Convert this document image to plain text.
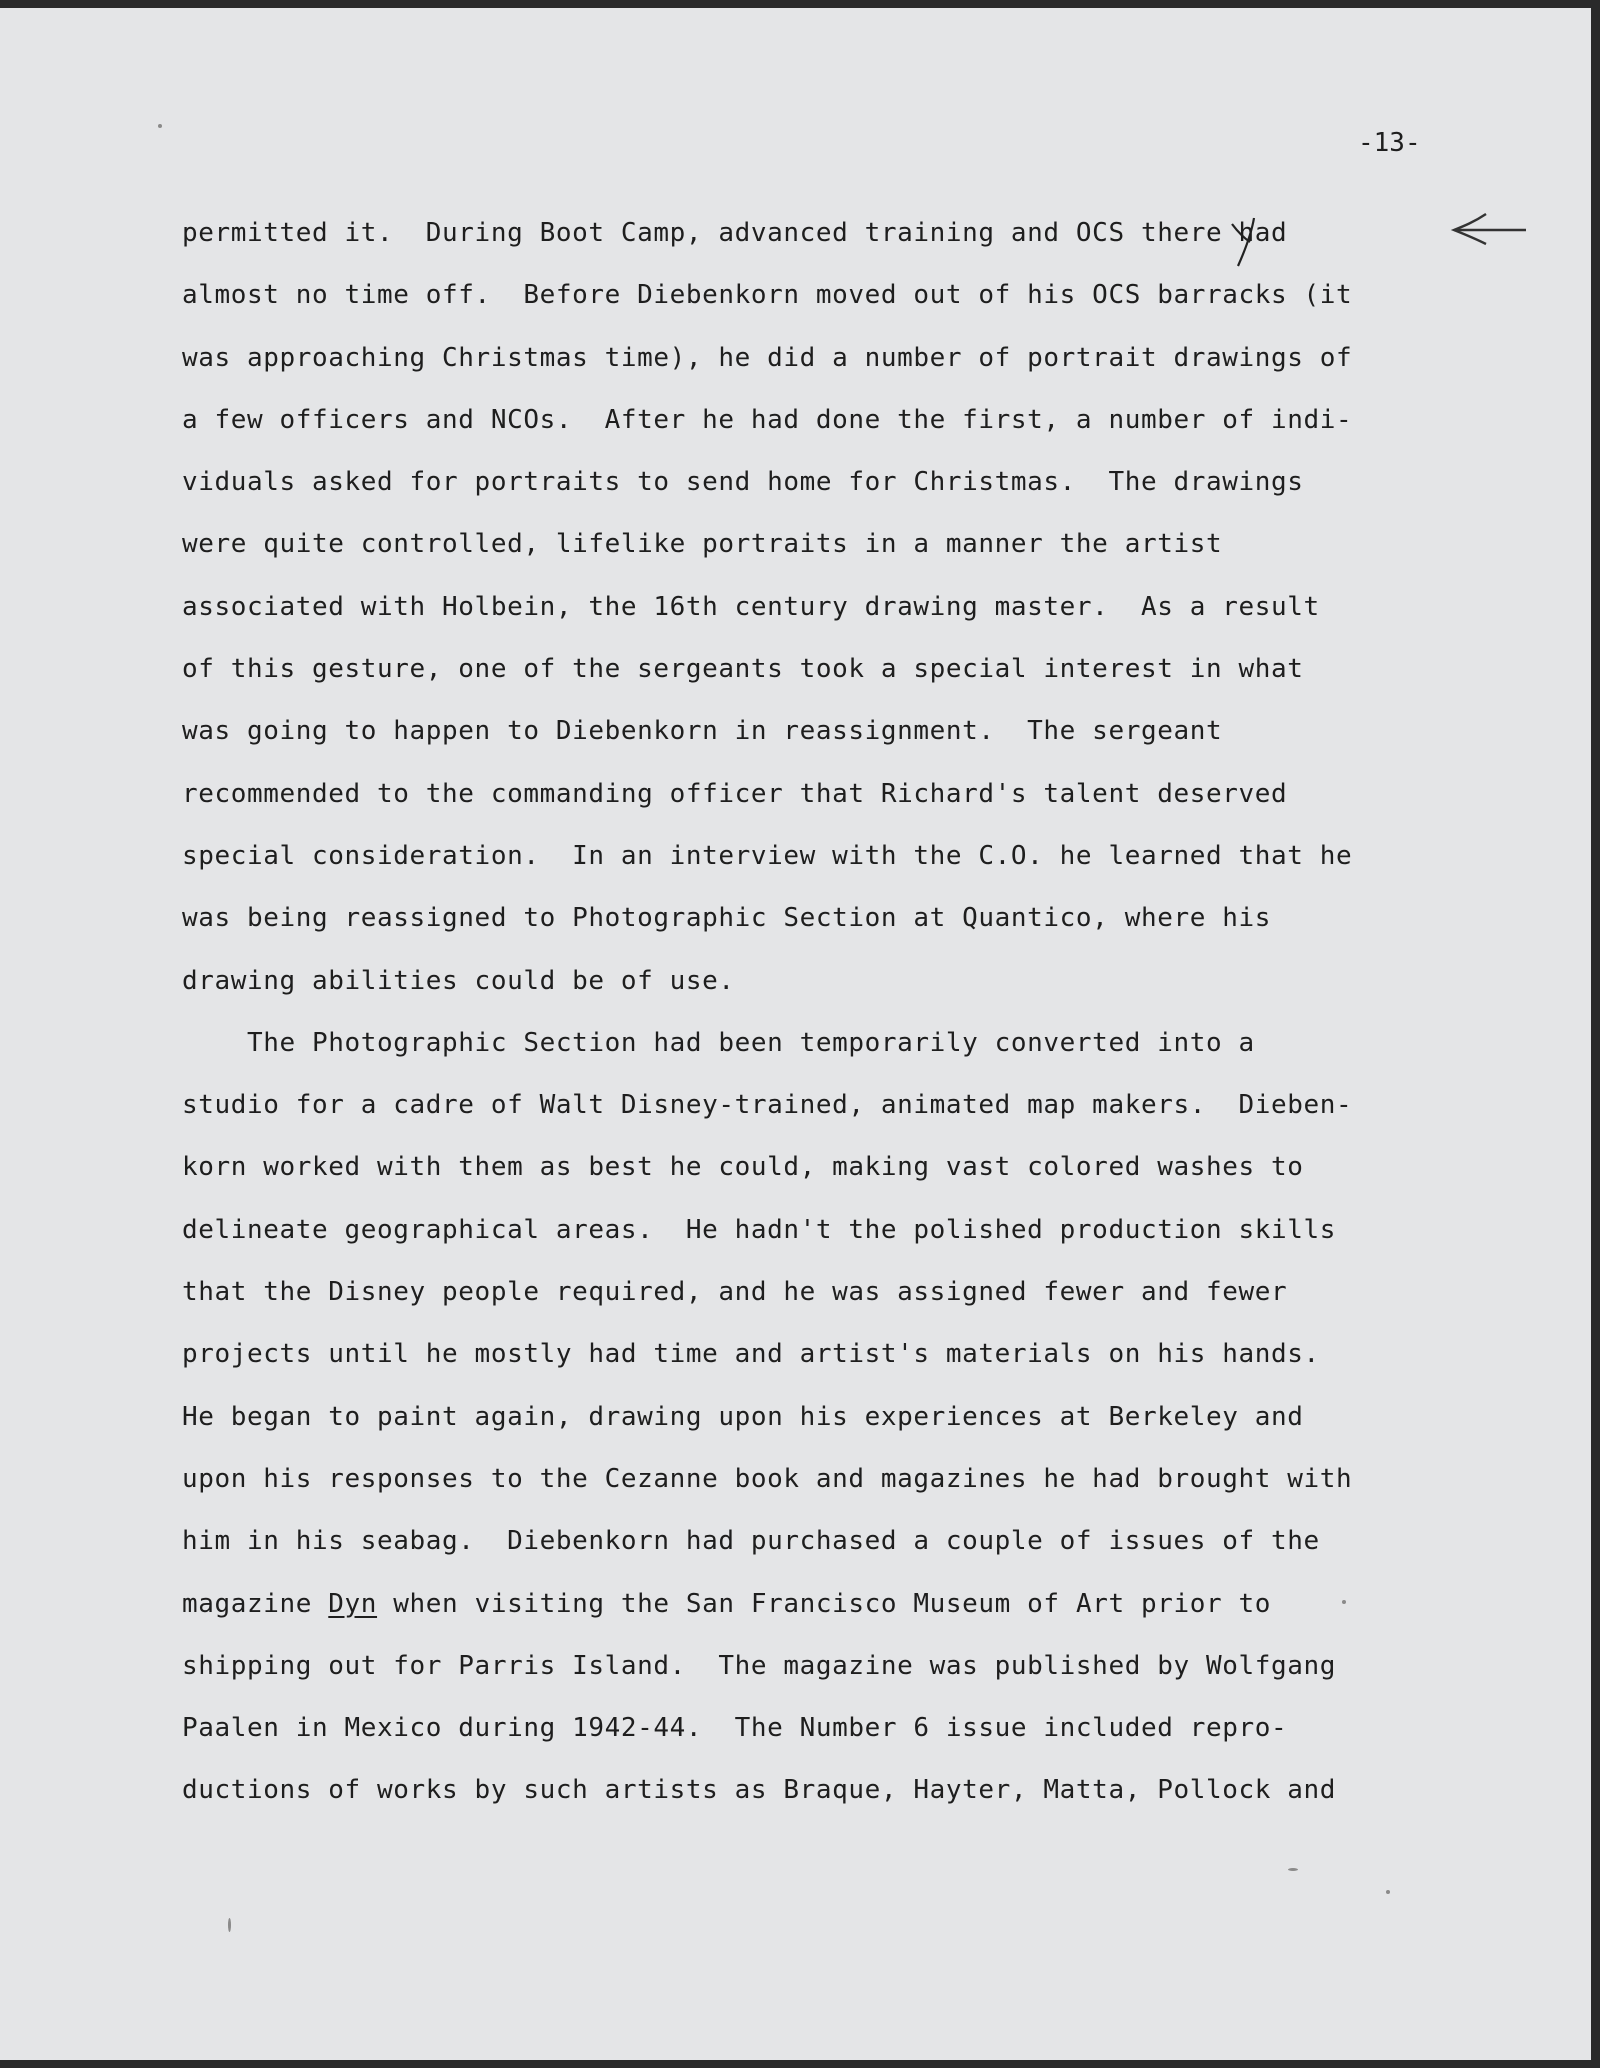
-13-

permitted it.  During Boot Camp, advanced training and OCS there had
almost no time off.  Before Diebenkorn moved out of his OCS barracks (it
was approaching Christmas time), he did a number of portrait drawings of
a few officers and NCOs.  After he had done the first, a number of indi-
viduals asked for portraits to send home for Christmas.  The drawings
were quite controlled, lifelike portraits in a manner the artist
associated with Holbein, the 16th century drawing master.  As a result
of this gesture, one of the sergeants took a special interest in what
was going to happen to Diebenkorn in reassignment.  The sergeant
recommended to the commanding officer that Richard's talent deserved
special consideration.  In an interview with the C.O. he learned that he
was being reassigned to Photographic Section at Quantico, where his
drawing abilities could be of use.
The Photographic Section had been temporarily converted into a
studio for a cadre of Walt Disney-trained, animated map makers.  Dieben-
korn worked with them as best he could, making vast colored washes to
delineate geographical areas.  He hadn't the polished production skills
that the Disney people required, and he was assigned fewer and fewer
projects until he mostly had time and artist's materials on his hands.
He began to paint again, drawing upon his experiences at Berkeley and
upon his responses to the Cezanne book and magazines he had brought with
him in his seabag.  Diebenkorn had purchased a couple of issues of the
magazine Dyn when visiting the San Francisco Museum of Art prior to
shipping out for Parris Island.  The magazine was published by Wolfgang
Paalen in Mexico during 1942-44.  The Number 6 issue included repro-
ductions of works by such artists as Braque, Hayter, Matta, Pollock and
